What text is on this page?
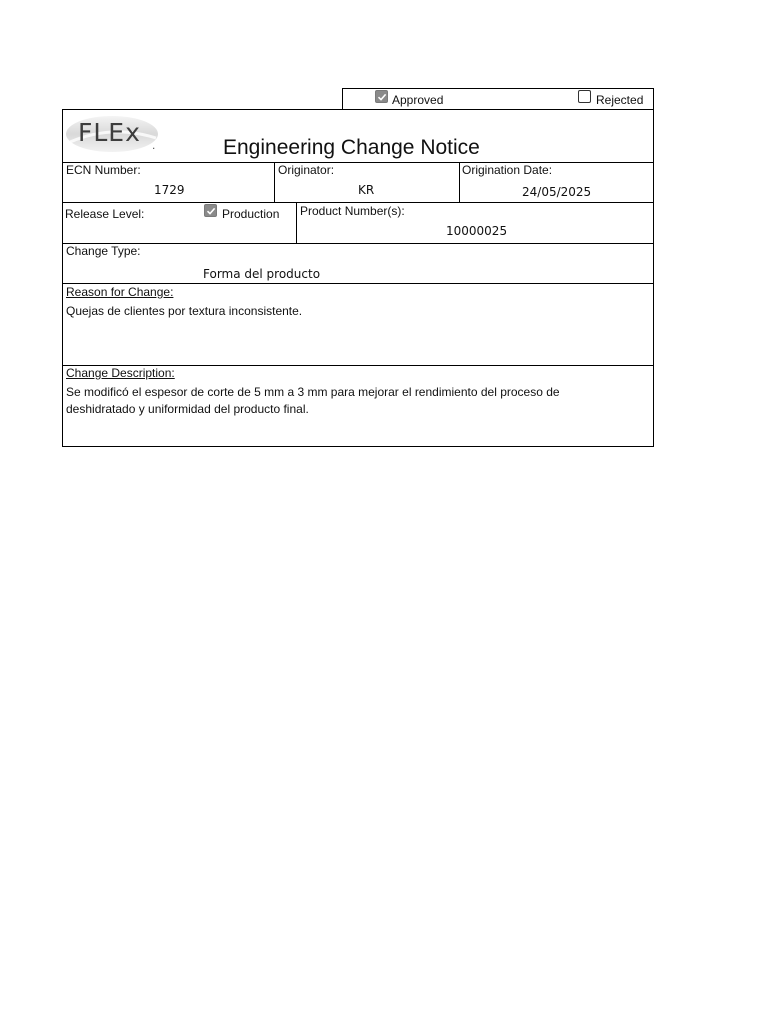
Approved	Rejected
FLEx .	Engineering Change Notice
ECN Number:
1729
Originator:
KR
Origination Date:
24/05/2025
Release Level:	Production Product Number(s):
10000025
Change Type:
Forma del producto
Reason for Change:
Quejas de clientes por textura inconsistente.
Change Description:
Se modificó el espesor de corte de 5 mm a 3 mm para mejorar el rendimiento del proceso de
deshidratado y uniformidad del producto final.
